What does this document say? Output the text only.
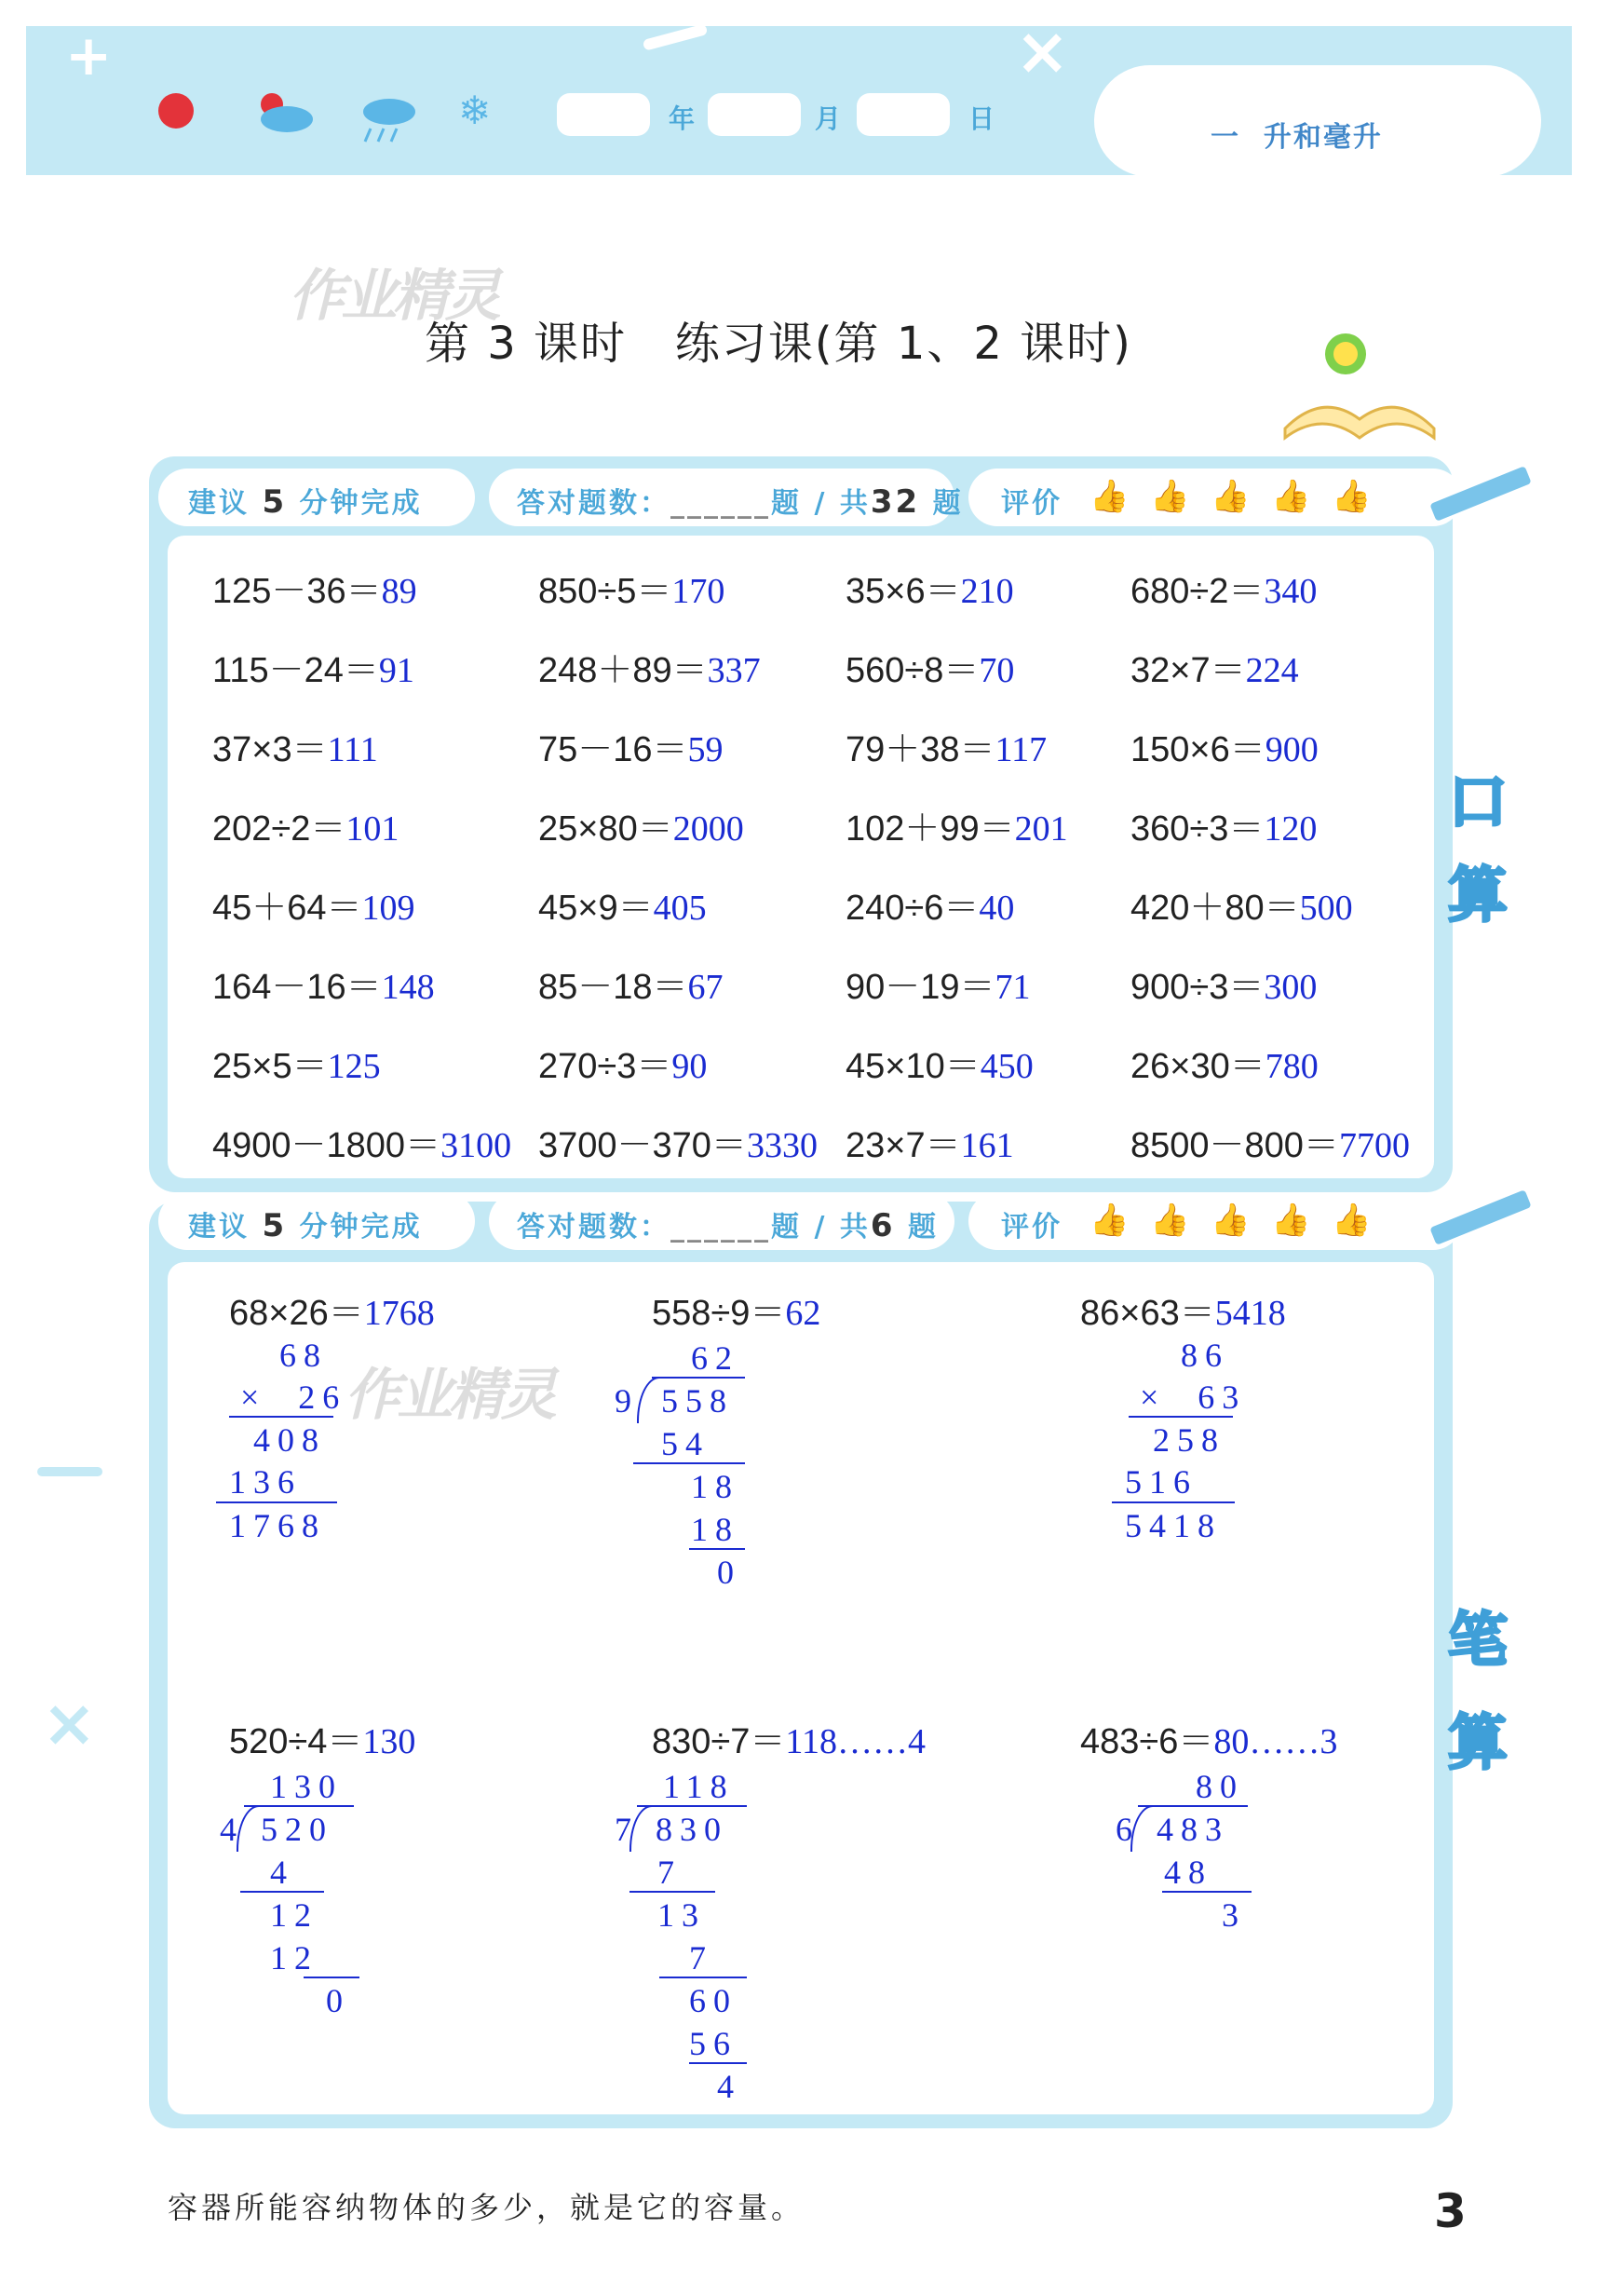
+	×
❄	年	月	日
一  升和毫升
作业精灵
第 3 课时   练习课(第 1、2 课时)
建议 5 分钟完成	答对题数：______题 / 共32 题 评价 👍 👍 👍 👍 👍
口
算
125－36＝89	850÷5＝170	35×6＝210	680÷2＝340
115－24＝91	248＋89＝337 560÷8＝70	32×7＝224
37×3＝111	75－16＝59	79＋38＝117 150×6＝900
202÷2＝101	25×80＝2000	102＋99＝201 360÷3＝120
45＋64＝109	45×9＝405	240÷6＝40	420＋80＝500
164－16＝148	85－18＝67	90－19＝71	900÷3＝300
25×5＝125	270÷3＝90	45×10＝450	26×30＝780
4900－1800＝3100 3700－370＝3330 23×7＝161	8500－800＝7700
建议 5 分钟完成	答对题数：______题 / 共6 题 评价 👍 👍 👍 👍 👍
笔
算
作业精灵
68×26＝1768
68
×  26
408
136
1768
558÷9＝62
62
9 558
54
18
18
0
86×63＝5418
86
×  63
258
516
5418
520÷4＝130
130
4 520
4
12
12
0
830÷7＝118……4
118
7 830
7
13
7
60
56
4
483÷6＝80……3
80
6 483
48
3
×
容器所能容纳物体的多少，就是它的容量。	3
